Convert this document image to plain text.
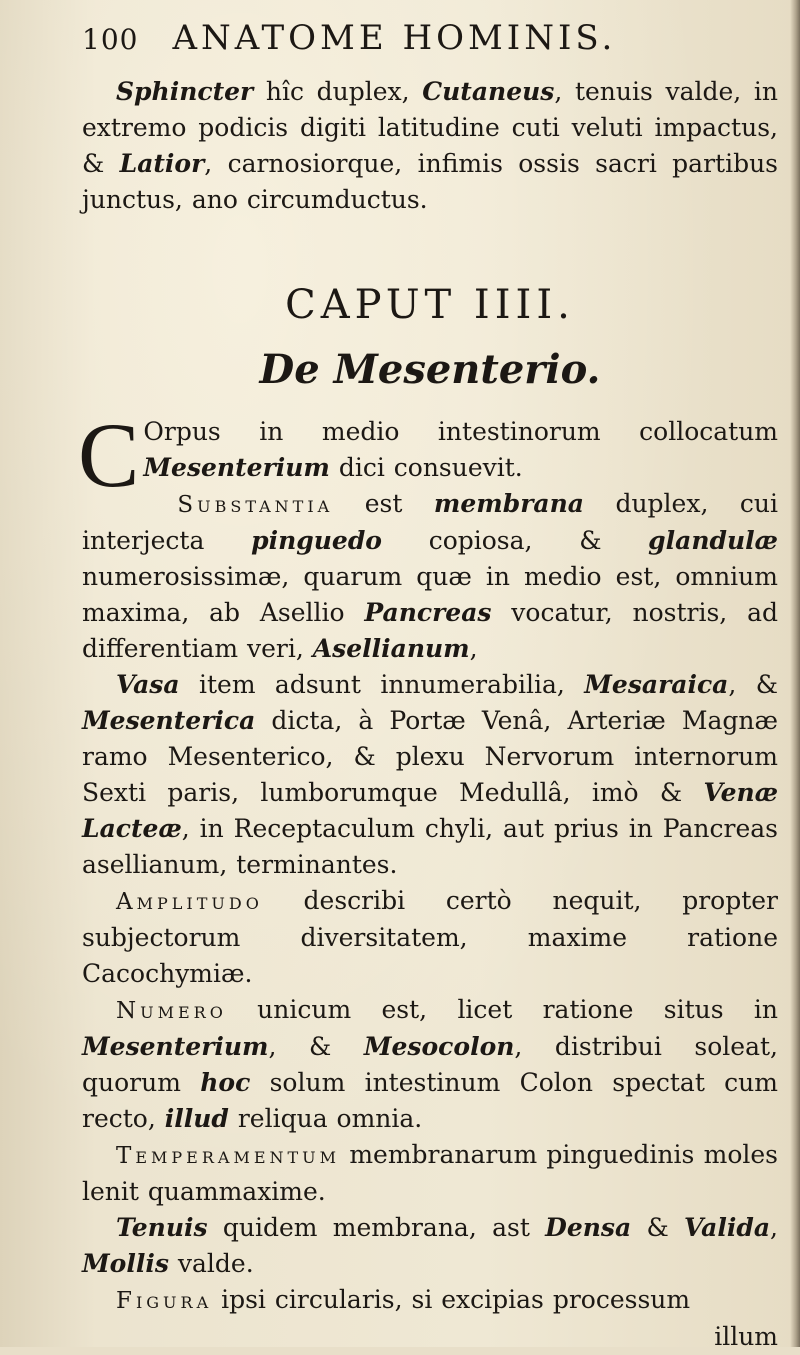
100 ANATOME HOMINIS.

Sphincter hîc duplex, Cutaneus, tenuis valde, in extremo podicis digiti latitudine cuti veluti impactus, & Latior, carnosiorque, infimis ossis sacri partibus junctus, ano circumductus.

CAPUT IIII.
De Mesenterio.

C Orpus in medio intestinorum collocatum Mesenterium dici consuevit.

Substantia est membrana duplex, cui interjecta pinguedo copiosa, & glandulæ numerosissimæ, quarum quæ in medio est, omnium maxima, ab Asellio Pancreas vocatur, nostris, ad differentiam veri, Asellianum,

Vasa item adsunt innumerabilia, Mesaraica, & Mesenterica dicta, à Portæ Venâ, Arteriæ Magnæ ramo Mesenterico, & plexu Nervorum internorum Sexti paris, lumborumque Medullâ, imò & Venæ Lacteæ, in Receptaculum chyli, aut prius in Pancreas asellianum, terminantes.

Amplitudo describi certò nequit, propter subjectorum diversitatem, maxime ratione Cacochymiæ.

Numero unicum est, licet ratione situs in Mesenterium, & Mesocolon, distribui soleat, quorum hoc solum intestinum Colon spectat cum recto, illud reliqua omnia.

Temperamentum membranarum pinguedinis moles lenit quammaxime.

Tenuis quidem membrana, ast Densa & Valida, Mollis valde.

Figura ipsi circularis, si excipias processum

illum
